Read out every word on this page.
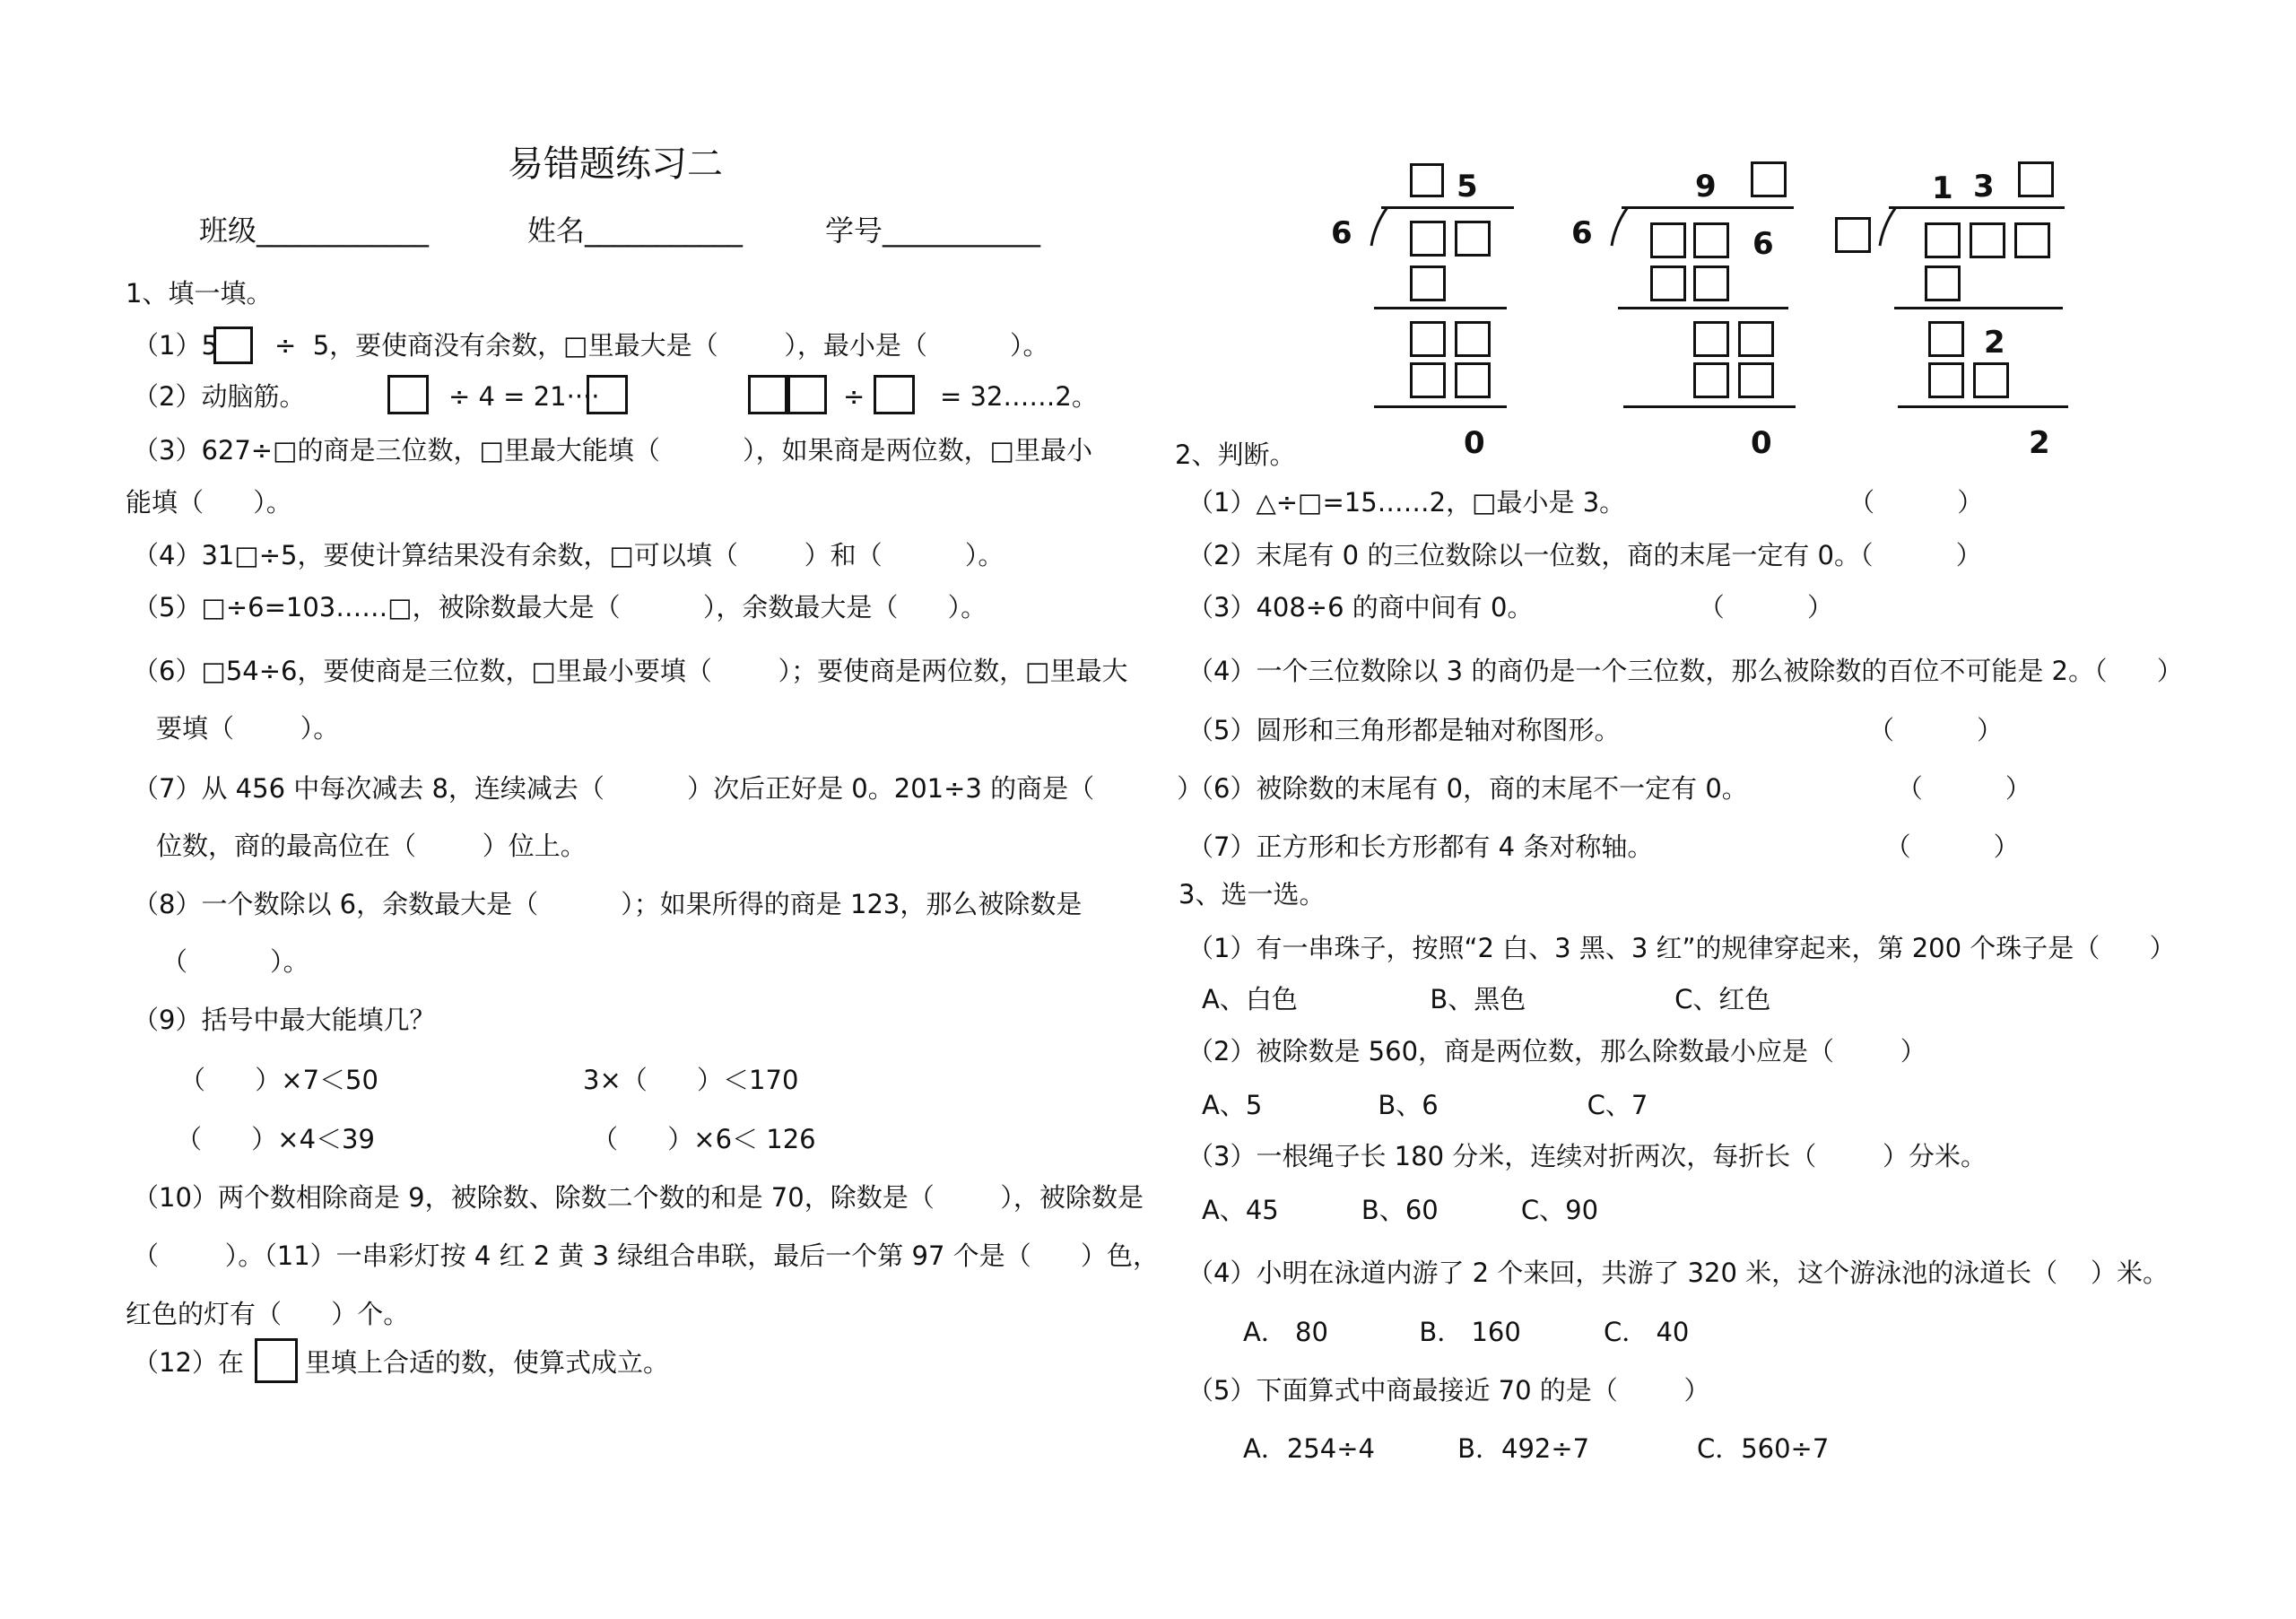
易错题练习二
班级____________	姓名___________	学号___________
1、填一填。
（1）5 ÷  5，要使商没有余数，□里最大是（        ），最小是（          ）。
（2）动脑筋。	÷ 4 = 21····	÷	= 32……2。
（3）627÷□的商是三位数，□里最大能填（          ），如果商是两位数，□里最小
能填（      ）。
（4）31□÷5，要使计算结果没有余数，□可以填（        ）和（          ）。
（5）□÷6=103……□，被除数最大是（          ），余数最大是（      ）。
（6）□54÷6，要使商是三位数，□里最小要填（        ）；要使商是两位数，□里最大
要填（        ）。
（7）从 456 中每次减去 8，连续减去（          ）次后正好是 0。201÷3 的商是（          ）
位数，商的最高位在（        ）位上。
（8）一个数除以 6，余数最大是（          ）；如果所得的商是 123，那么被除数是
（          ）。
（9）括号中最大能填几？
（      ）×7＜50	3×（      ）＜170
（      ）×4＜39	（      ）×6＜ 126
（10）两个数相除商是 9，被除数、除数二个数的和是 70，除数是（        ），被除数是
（        ）。（11）一串彩灯按 4 红 2 黄 3 绿组合串联，最后一个第 97 个是（      ）色，
红色的灯有（      ）个。
（12）在 里填上合适的数，使算式成立。
5
6
0
9
6	6
0
1 3
2
2
2、判断。
（1）△÷□=15……2，□最小是 3。                           （          ）
（2）末尾有 0 的三位数除以一位数，商的末尾一定有 0。（          ）
（3）408÷6 的商中间有 0。                    （          ）
（4）一个三位数除以 3 的商仍是一个三位数，那么被除数的百位不可能是 2。（      ）
（5）圆形和三角形都是轴对称图形。                              （          ）
（6）被除数的末尾有 0，商的末尾不一定有 0。                  （          ）
（7）正方形和长方形都有 4 条对称轴。                            （          ）
3、选一选。
（1）有一串珠子，按照“2 白、3 黑、3 红”的规律穿起来，第 200 个珠子是（      ）
A、白色                B、黑色                  C、红色
（2）被除数是 560，商是两位数，那么除数最小应是（        ）
A、5              B、6                  C、7
（3）一根绳子长 180 分米，连续对折两次，每折长（        ）分米。
A、45          B、60          C、90
（4）小明在泳道内游了 2 个来回，共游了 320 米，这个游泳池的泳道长（    ）米。
A． 80           B． 160          C． 40
（5）下面算式中商最接近 70 的是（        ）
A．254÷4          B．492÷7             C．560÷7
